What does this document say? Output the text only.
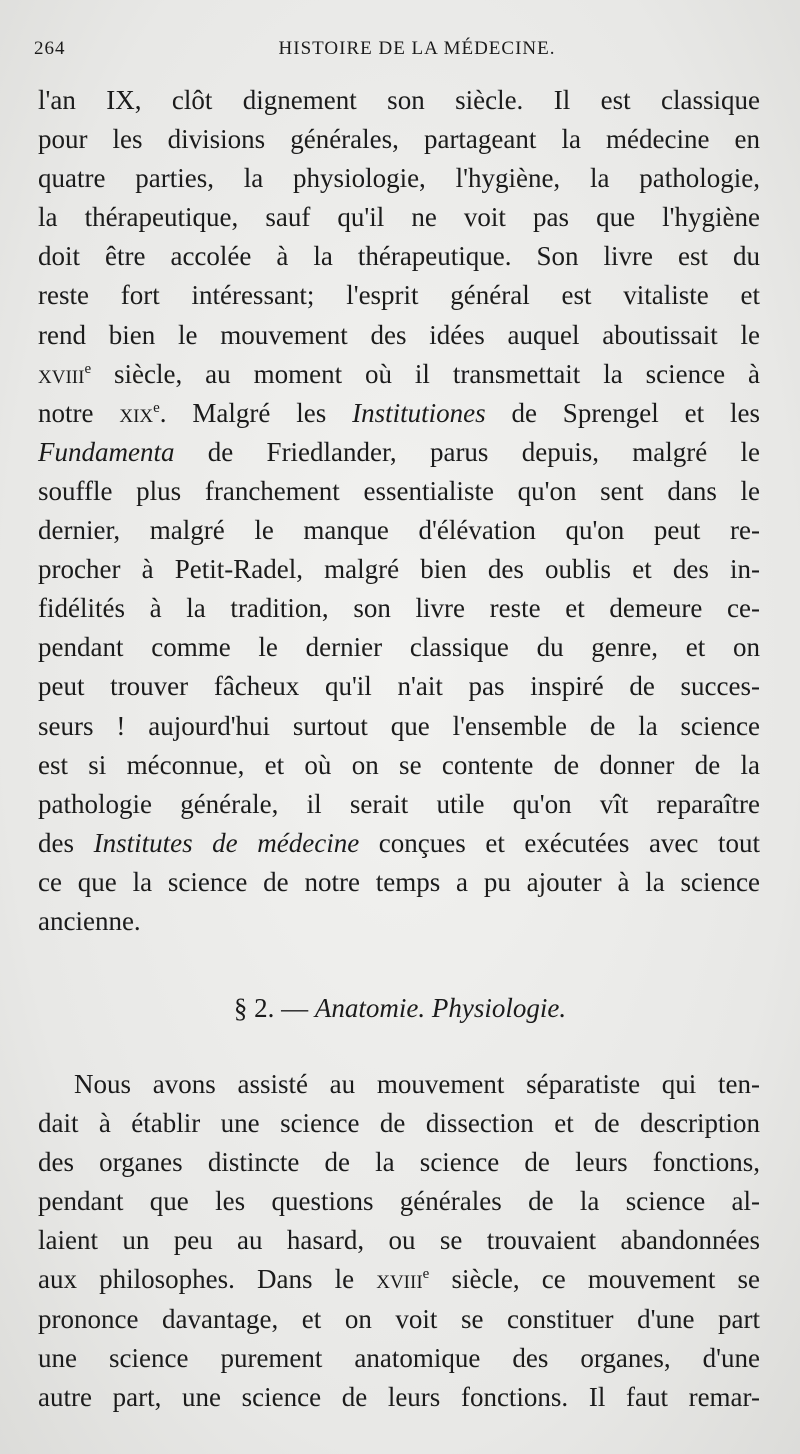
264	HISTOIRE DE LA MÉDECINE.
l'an IX, clôt dignement son siècle. Il est classique
pour les divisions générales, partageant la médecine en
quatre parties, la physiologie, l'hygiène, la pathologie,
la thérapeutique, sauf qu'il ne voit pas que l'hygiène
doit être accolée à la thérapeutique. Son livre est du
reste fort intéressant; l'esprit général est vitaliste et
rend bien le mouvement des idées auquel aboutissait le
xviii$^e$ siècle, au moment où il transmettait la science à
notre xix$^e$. Malgré les Institutiones de Sprengel et les
Fundamenta de Friedlander, parus depuis, malgré le
souffle plus franchement essentialiste qu'on sent dans le
dernier, malgré le manque d'élévation qu'on peut re-
procher à Petit-Radel, malgré bien des oublis et des in-
fidélités à la tradition, son livre reste et demeure ce-
pendant comme le dernier classique du genre, et on
peut trouver fâcheux qu'il n'ait pas inspiré de succes-
seurs ! aujourd'hui surtout que l'ensemble de la science
est si méconnue, et où on se contente de donner de la
pathologie générale, il serait utile qu'on vît reparaître
des Institutes de médecine conçues et exécutées avec tout
ce que la science de notre temps a pu ajouter à la science
ancienne.
§ 2. — Anatomie. Physiologie.
Nous avons assisté au mouvement séparatiste qui ten-
dait à établir une science de dissection et de description
des organes distincte de la science de leurs fonctions,
pendant que les questions générales de la science al-
laient un peu au hasard, ou se trouvaient abandonnées
aux philosophes. Dans le xviii$^e$ siècle, ce mouvement se
prononce davantage, et on voit se constituer d'une part
une science purement anatomique des organes, d'une
autre part, une science de leurs fonctions. Il faut remar-
